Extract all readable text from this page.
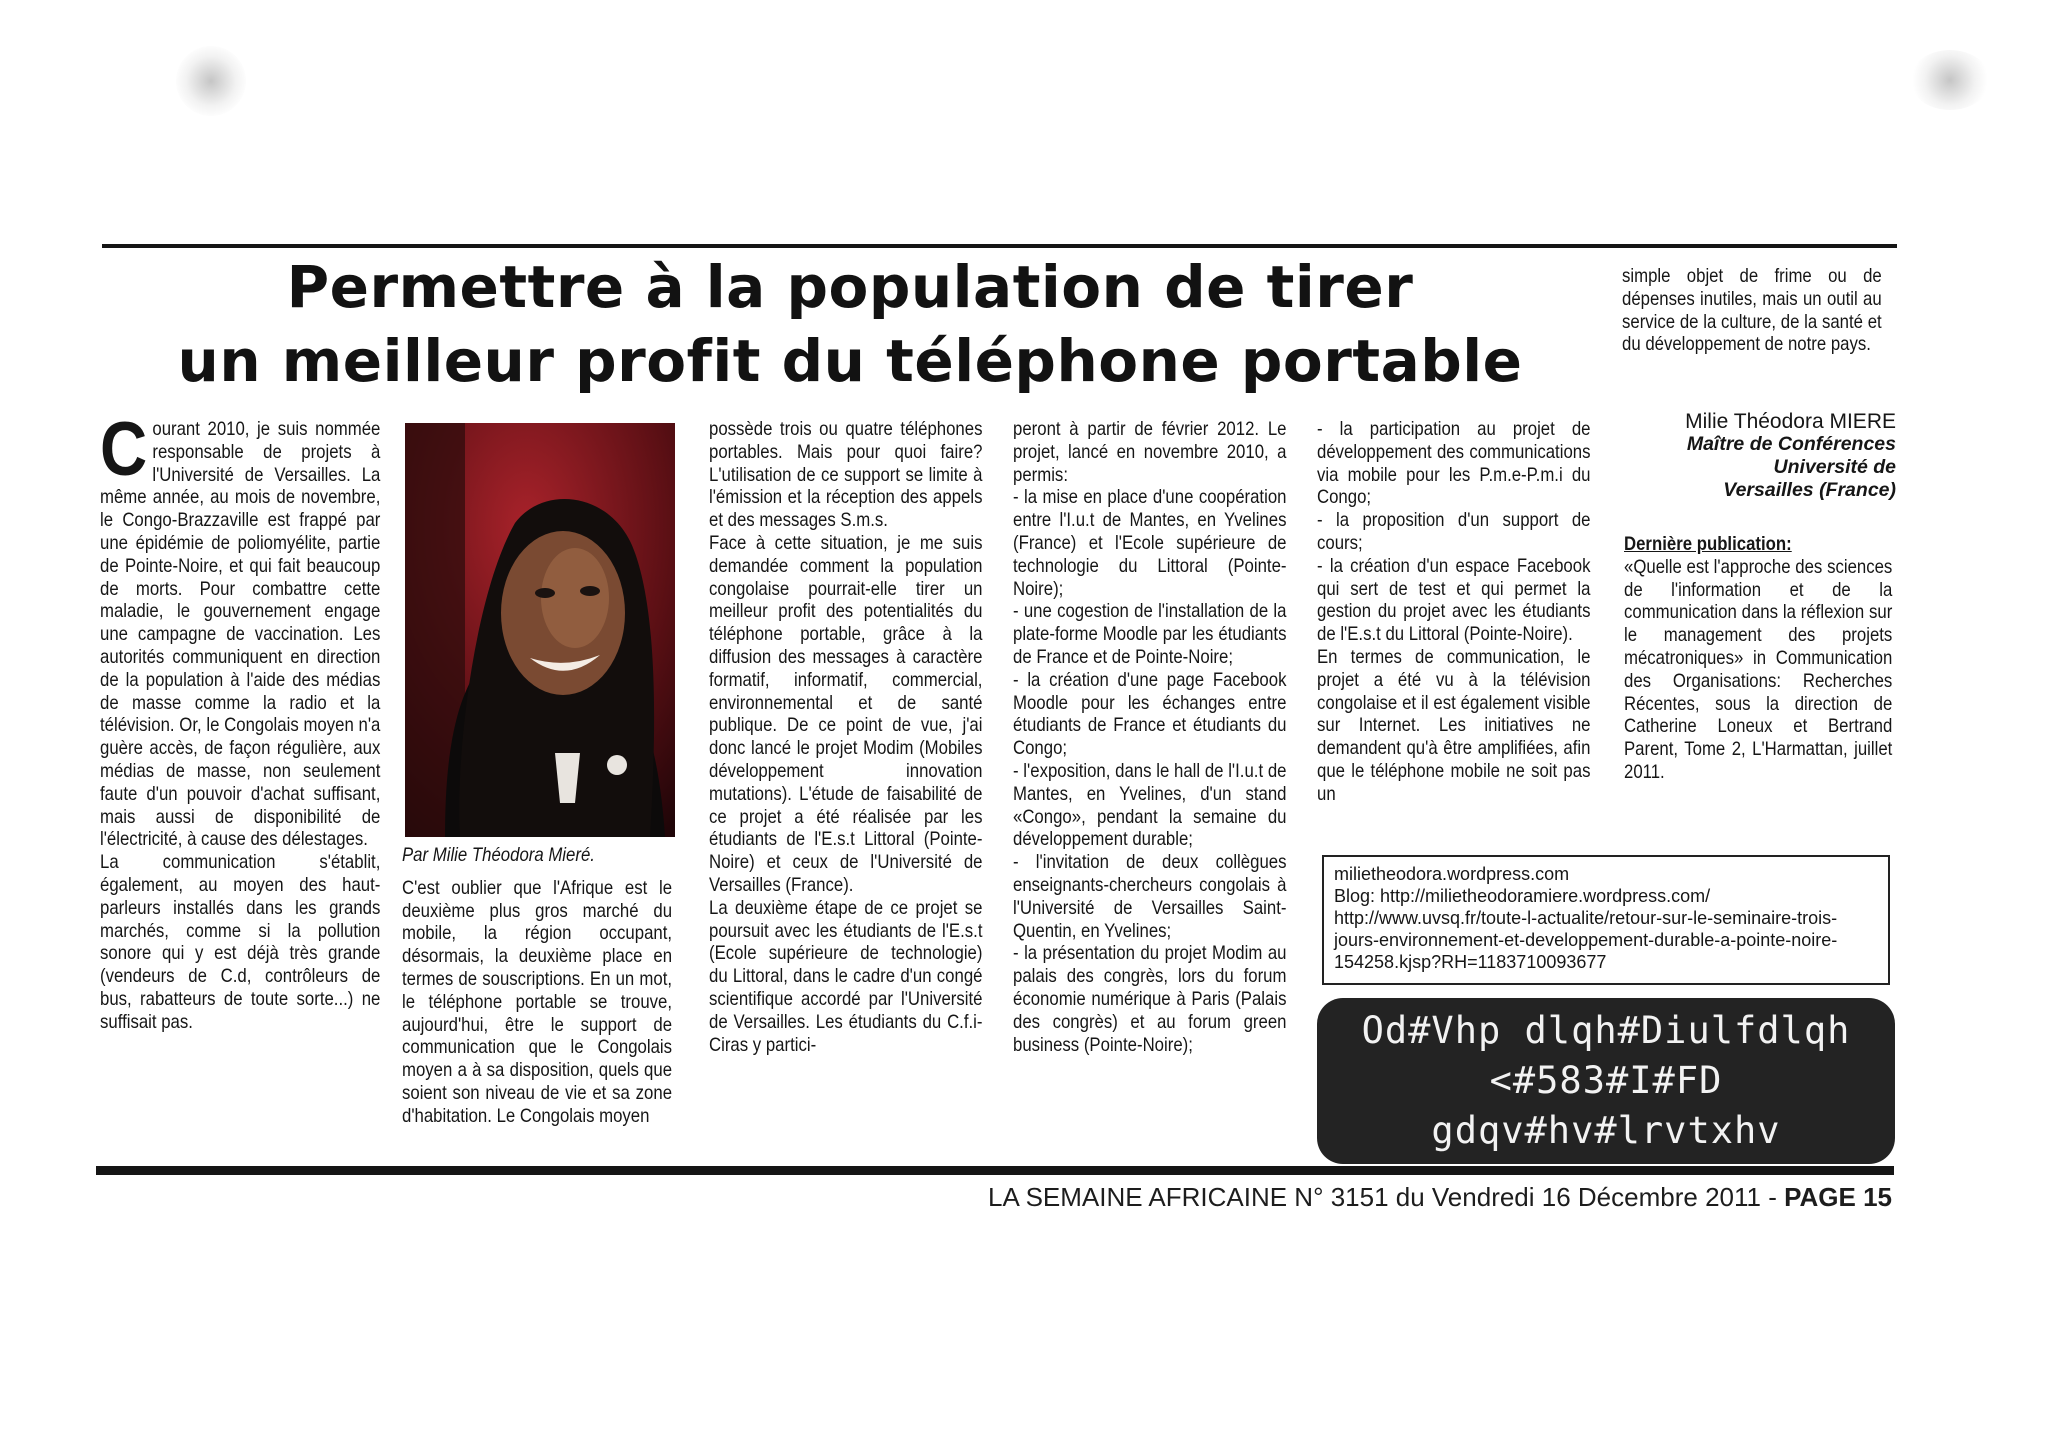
Permettre à la population de tirer
un meilleur profit du téléphone portable

Courant 2010, je suis nommée responsable de projets à l'Université de Versailles. La même année, au mois de novembre, le Congo-Brazzaville est frappé par une épidémie de poliomyélite, partie de Pointe-Noire, et qui fait beaucoup de morts. Pour combattre cette maladie, le gouvernement engage une campagne de vaccination. Les autorités communiquent en direction de la population à l'aide des médias de masse comme la radio et la télévision. Or, le Congolais moyen n'a guère accès, de façon régulière, aux médias de masse, non seulement faute d'un pouvoir d'achat suffisant, mais aussi de disponibilité de l'électricité, à cause des délestages.

La communication s'établit, également, au moyen des haut-parleurs installés dans les grands marchés, comme si la pollution sonore qui y est déjà très grande (vendeurs de C.d, contrôleurs de bus, rabatteurs de toute sorte...) ne suffisait pas.

Par Milie Théodora Mieré.

C'est oublier que l'Afrique est le deuxième plus gros marché du mobile, la région occupant, désormais, la deuxième place en termes de souscriptions. En un mot, le téléphone portable se trouve, aujourd'hui, être le support de communication que le Congolais moyen a à sa disposition, quels que soient son niveau de vie et sa zone d'habitation. Le Congolais moyen

possède trois ou quatre téléphones portables. Mais pour quoi faire? L'utilisation de ce support se limite à l'émission et la réception des appels et des messages S.m.s.

Face à cette situation, je me suis demandée comment la population congolaise pourrait-elle tirer un meilleur profit des potentialités du téléphone portable, grâce à la diffusion des messages à caractère formatif, informatif, commercial, environnemental et de santé publique. De ce point de vue, j'ai donc lancé le projet Modim (Mobiles développement innovation mutations). L'étude de faisabilité de ce projet a été réalisée par les étudiants de l'E.s.t Littoral (Pointe-Noire) et ceux de l'Université de Versailles (France).

La deuxième étape de ce projet se poursuit avec les étudiants de l'E.s.t (Ecole supérieure de technologie) du Littoral, dans le cadre d'un congé scientifique accordé par l'Université de Versailles. Les étudiants du C.f.i-Ciras y partici-

peront à partir de février 2012. Le projet, lancé en novembre 2010, a permis:

- la mise en place d'une coopération entre l'I.u.t de Mantes, en Yvelines (France) et l'Ecole supérieure de technologie du Littoral (Pointe-Noire);

- une cogestion de l'installation de la plate-forme Moodle par les étudiants de France et de Pointe-Noire;

- la création d'une page Facebook Moodle pour les échanges entre étudiants de France et étudiants du Congo;

- l'exposition, dans le hall de l'I.u.t de Mantes, en Yvelines, d'un stand «Congo», pendant la semaine du développement durable;

- l'invitation de deux collègues enseignants-chercheurs congolais à l'Université de Versailles Saint-Quentin, en Yvelines;

- la présentation du projet Modim au palais des congrès, lors du forum économie numérique à Paris (Palais des congrès) et au forum green business (Pointe-Noire);

- la participation au projet de développement des communications via mobile pour les P.m.e-P.m.i du Congo;

- la proposition d'un support de cours;

- la création d'un espace Facebook qui sert de test et qui permet la gestion du projet avec les étudiants de l'E.s.t du Littoral (Pointe-Noire).

En termes de communication, le projet a été vu à la télévision congolaise et il est également visible sur Internet. Les initiatives ne demandent qu'à être amplifiées, afin que le téléphone mobile ne soit pas un

simple objet de frime ou de dépenses inutiles, mais un outil au service de la culture, de la santé et du développement de notre pays.

Milie Théodora MIERE
Maître de Conférences
Université de
Versailles (France)
Dernière publication:
«Quelle est l'approche des sciences de l'information et de la communication dans la réflexion sur le management des projets mécatroniques» in Communication des Organisations: Recherches Récentes, sous la direction de Catherine Loneux et Bertrand Parent, Tome 2, L'Harmattan, juillet 2011.
milietheodora.wordpress.com
Blog: http://milietheodoramiere.wordpress.com/
http://www.uvsq.fr/toute-l-actualite/retour-sur-le-seminaire-trois-jours-environnement-et-developpement-durable-a-pointe-noire-154258.kjsp?RH=1183710093677
Od#Vhp dlqh#Diulfdlqh
<#583#I#FD
gdqv#hv#lrvtxhv

LA SEMAINE AFRICAINE N° 3151 du Vendredi 16 Décembre 2011 - PAGE 15
